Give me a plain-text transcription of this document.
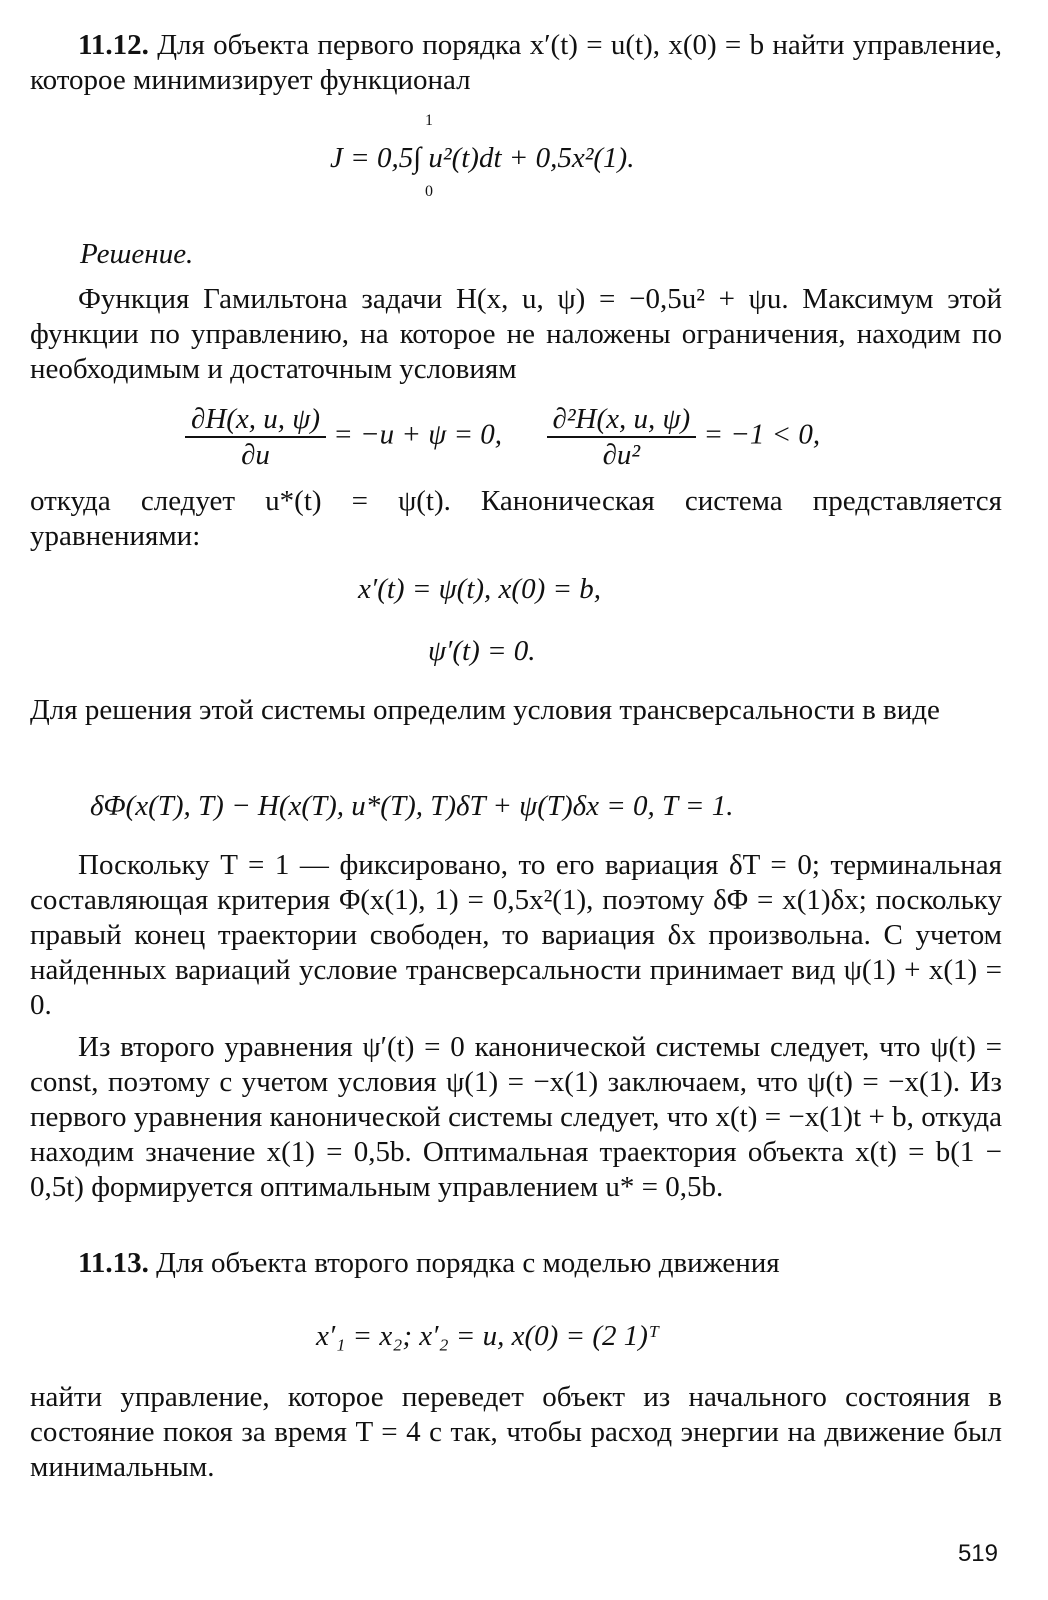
11.12. Для объекта первого порядка x′(t) = u(t), x(0) = b найти управление, которое минимизирует функционал
J = 0,5∫ u²(t)dt + 0,5x²(1).
1
0
Решение.
Функция Гамильтона задачи H(x, u, ψ) = −0,5u² + ψu. Максимум этой функции по управлению, на которое не наложены ограничения, находим по необходимым и достаточным условиям
$\frac{\partial H(x, u, \psi)}{\partial u} = -u + \psi = 0$, $\frac{\text{∂²H(x, u, ψ)}}{\text{∂u²}} = -1 < 0$,
откуда следует u*(t) = ψ(t). Каноническая система представляется уравнениями:
x′(t) = ψ(t), x(0) = b,
ψ′(t) = 0.
Для решения этой системы определим условия трансверсальности в виде
δΦ(x(T), T) − H(x(T), u*(T), T)δT + ψ(T)δx = 0, T = 1.
Поскольку T = 1 — фиксировано, то его вариация δT = 0; терминальная составляющая критерия Φ(x(1), 1) = 0,5x²(1), поэтому δΦ = x(1)δx; поскольку правый конец траектории свободен, то вариация δx произвольна. С учетом найденных вариаций условие трансверсальности принимает вид ψ(1) + x(1) = 0.
Из второго уравнения ψ′(t) = 0 канонической системы следует, что ψ(t) = const, поэтому с учетом условия ψ(1) = −x(1) заключаем, что ψ(t) = −x(1). Из первого уравнения канонической системы следует, что x(t) = −x(1)t + b, откуда находим значение x(1) = 0,5b. Оптимальная траектория объекта x(t) = b(1 − 0,5t) формируется оптимальным управлением u* = 0,5b.
11.13. Для объекта второго порядка с моделью движения
x′₁ = x₂; x′₂ = u, x(0) = (2 1)ᵀ
найти управление, которое переведет объект из начального состояния в состояние покоя за время T = 4 с так, чтобы расход энергии на движение был минимальным.
519
